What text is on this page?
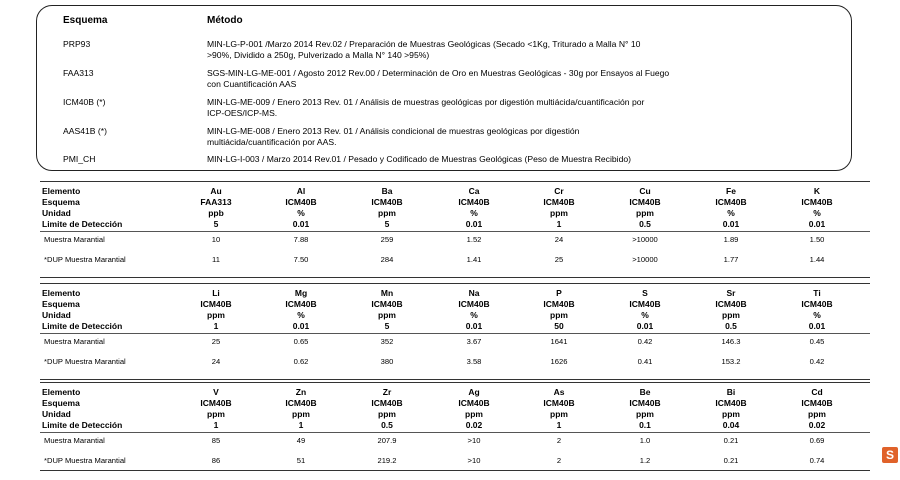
Esquema	Método
PRP93	MIN-LG-P-001 /Marzo 2014 Rev.02 / Preparación de Muestras Geológicas (Secado <1Kg, Triturado a Malla N° 10
>90%, Dividido a 250g, Pulverizado a Malla N° 140 >95%)
FAA313	SGS-MIN-LG-ME-001 / Agosto 2012 Rev.00 / Determinación de Oro en Muestras Geológicas - 30g por Ensayos al Fuego
con Cuantificación AAS
ICM40B (*)	MIN-LG-ME-009 / Enero 2013 Rev. 01 / Análisis de muestras geológicas por digestión multiácida/cuantificación por
ICP-OES/ICP-MS.
AAS41B (*)	MIN-LG-ME-008 / Enero 2013 Rev. 01 / Análisis condicional de muestras geológicas por digestión
multiácida/cuantificación por AAS.
PMI_CH	MIN-LG-I-003 / Marzo 2014 Rev.01 / Pesado y Codificado de Muestras Geológicas (Peso de Muestra Recibido)
Elemento	Au	Al	Ba	Ca	Cr	Cu	Fe	K
Esquema	FAA313	ICM40B	ICM40B	ICM40B	ICM40B	ICM40B	ICM40B	ICM40B
Unidad	ppb	%	ppm	%	ppm	ppm	%	%
Limite de Detección	5	0.01	5	0.01	1	0.5	0.01	0.01
Muestra Marantial	10	7.88	259	1.52	24	>10000	1.89	1.50
*DUP Muestra Marantial	11	7.50	284	1.41	25	>10000	1.77	1.44
Elemento	Li	Mg	Mn	Na	P	S	Sr	Ti
Esquema	ICM40B	ICM40B	ICM40B	ICM40B	ICM40B	ICM40B	ICM40B	ICM40B
Unidad	ppm	%	ppm	%	ppm	%	ppm	%
Limite de Detección	1	0.01	5	0.01	50	0.01	0.5	0.01
Muestra Marantial	25	0.65	352	3.67	1641	0.42	146.3	0.45
*DUP Muestra Marantial	24	0.62	380	3.58	1626	0.41	153.2	0.42
Elemento	V	Zn	Zr	Ag	As	Be	Bi	Cd
Esquema	ICM40B	ICM40B	ICM40B	ICM40B	ICM40B	ICM40B	ICM40B	ICM40B
Unidad	ppm	ppm	ppm	ppm	ppm	ppm	ppm	ppm
Limite de Detección	1	1	0.5	0.02	1	0.1	0.04	0.02
Muestra Marantial	85	49	207.9	>10	2	1.0	0.21	0.69
*DUP Muestra Marantial	86	51	219.2	>10	2	1.2	0.21	0.74	S
